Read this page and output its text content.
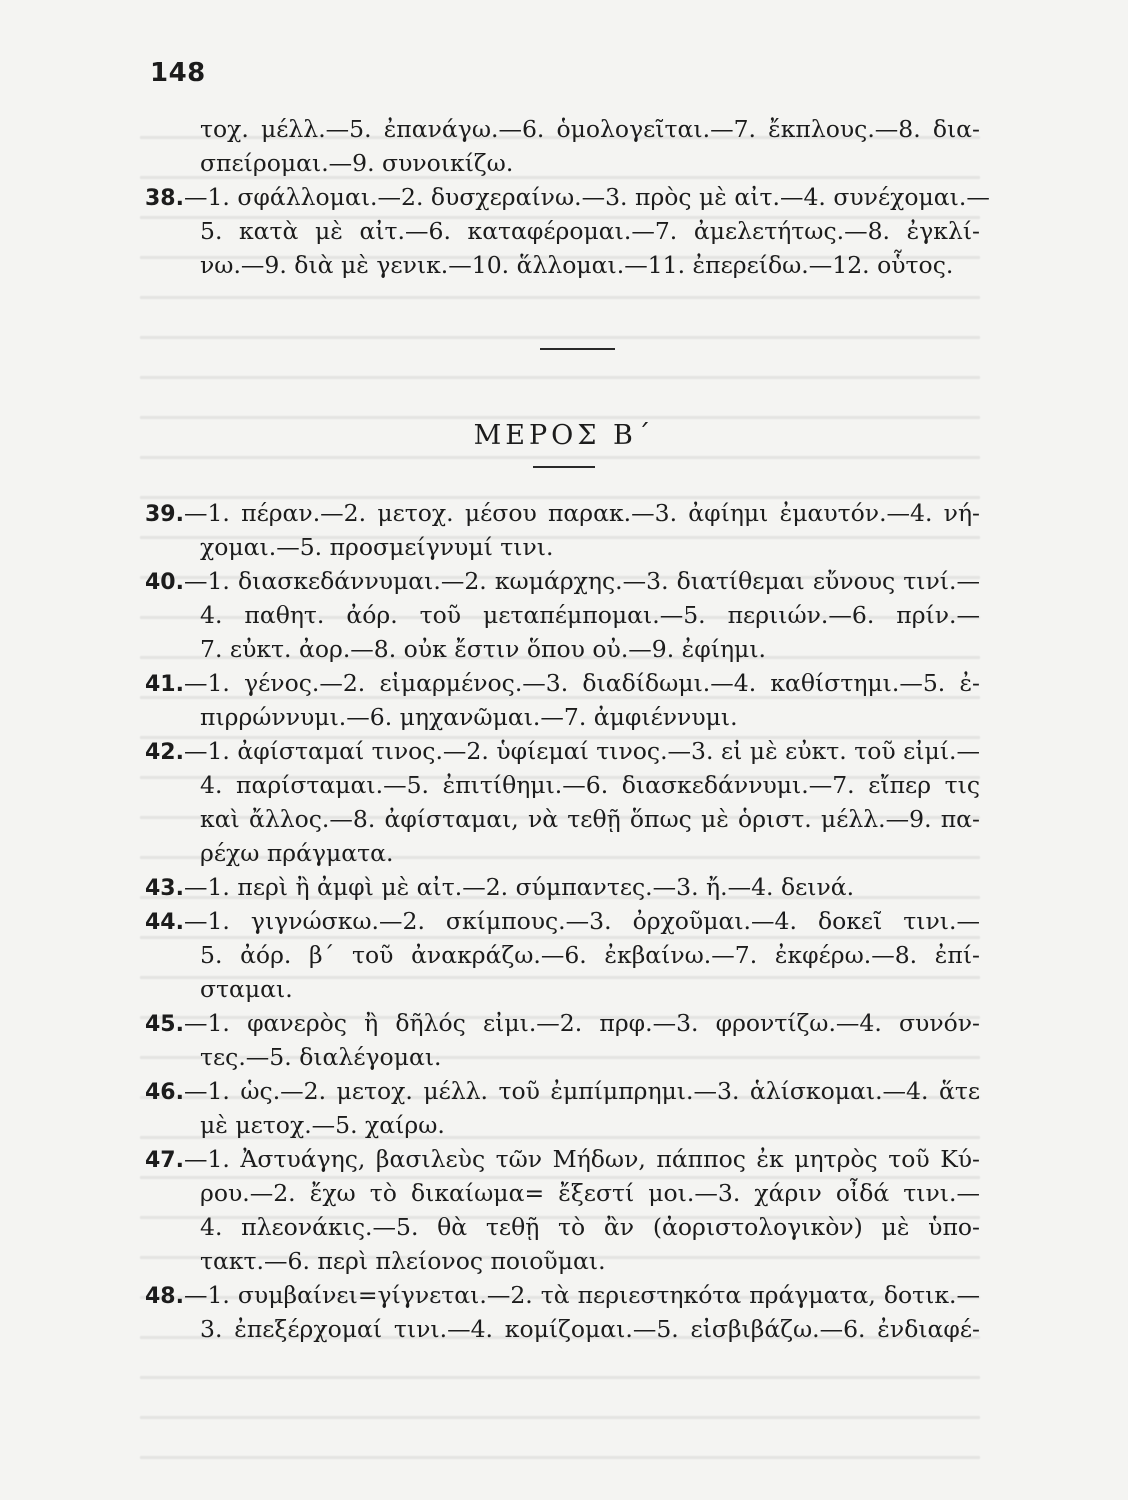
148
τοχ. μέλλ.—5. ἐπανάγω.—6. ὁμολογεῖται.—7. ἔκπλους.—8. δια-
σπείρομαι.—9. συνοικίζω.
38.—1. σφάλλομαι.—2. δυσχεραίνω.—3. πρὸς μὲ αἰτ.—4. συνέχομαι.—
5. κατὰ μὲ αἰτ.—6. καταφέρομαι.—7. ἀμελετήτως.—8. ἐγκλί-
νω.—9. διὰ μὲ γενικ.—10. ἅλλομαι.—11. ἐπερείδω.—12. οὗτος.
ΜΕΡΟΣ Β΄
39.—1. πέραν.—2. μετοχ. μέσου παρακ.—3. ἀφίημι ἐμαυτόν.—4. νή-
χομαι.—5. προσμείγνυμί τινι.
40.—1. διασκεδάννυμαι.—2. κωμάρχης.—3. διατίθεμαι εὔνους τινί.—
4. παθητ. ἀόρ. τοῦ μεταπέμπομαι.—5. περιιών.—6. πρίν.—
7. εὐκτ. ἀορ.—8. οὐκ ἔστιν ὅπου οὐ.—9. ἐφίημι.
41.—1. γένος.—2. εἱμαρμένος.—3. διαδίδωμι.—4. καθίστημι.—5. ἐ-
πιρρώννυμι.—6. μηχανῶμαι.—7. ἀμφιέννυμι.
42.—1. ἀφίσταμαί τινος.—2. ὑφίεμαί τινος.—3. εἰ μὲ εὐκτ. τοῦ εἰμί.—
4. παρίσταμαι.—5. ἐπιτίθημι.—6. διασκεδάννυμι.—7. εἴπερ τις
καὶ ἄλλος.—8. ἀφίσταμαι, νὰ τεθῇ ὅπως μὲ ὁριστ. μέλλ.—9. πα-
ρέχω πράγματα.
43.—1. περὶ ἢ ἀμφὶ μὲ αἰτ.—2. σύμπαντες.—3. ἤ.—4. δεινά.
44.—1. γιγνώσκω.—2. σκίμπους.—3. ὀρχοῦμαι.—4. δοκεῖ τινι.—
5. ἀόρ. β΄ τοῦ ἀνακράζω.—6. ἐκβαίνω.—7. ἐκφέρω.—8. ἐπί-
σταμαι.
45.—1. φανερὸς ἢ δῆλός εἰμι.—2. πρφ.—3. φροντίζω.—4. συνόν-
τες.—5. διαλέγομαι.
46.—1. ὡς.—2. μετοχ. μέλλ. τοῦ ἐμπίμπρημι.—3. ἁλίσκομαι.—4. ἅτε
μὲ μετοχ.—5. χαίρω.
47.—1. Ἀστυάγης, βασιλεὺς τῶν Μήδων, πάππος ἐκ μητρὸς τοῦ Κύ-
ρου.—2. ἔχω τὸ δικαίωμα= ἔξεστί μοι.—3. χάριν οἶδά τινι.—
4. πλεονάκις.—5. θὰ τεθῇ τὸ ἂν (ἀοριστολογικὸν) μὲ ὑπο-
τακτ.—6. περὶ πλείονος ποιοῦμαι.
48.—1. συμβαίνει=γίγνεται.—2. τὰ περιεστηκότα πράγματα, δοτικ.—
3. ἐπεξέρχομαί τινι.—4. κομίζομαι.—5. εἰσβιβάζω.—6. ἐνδιαφέ-
